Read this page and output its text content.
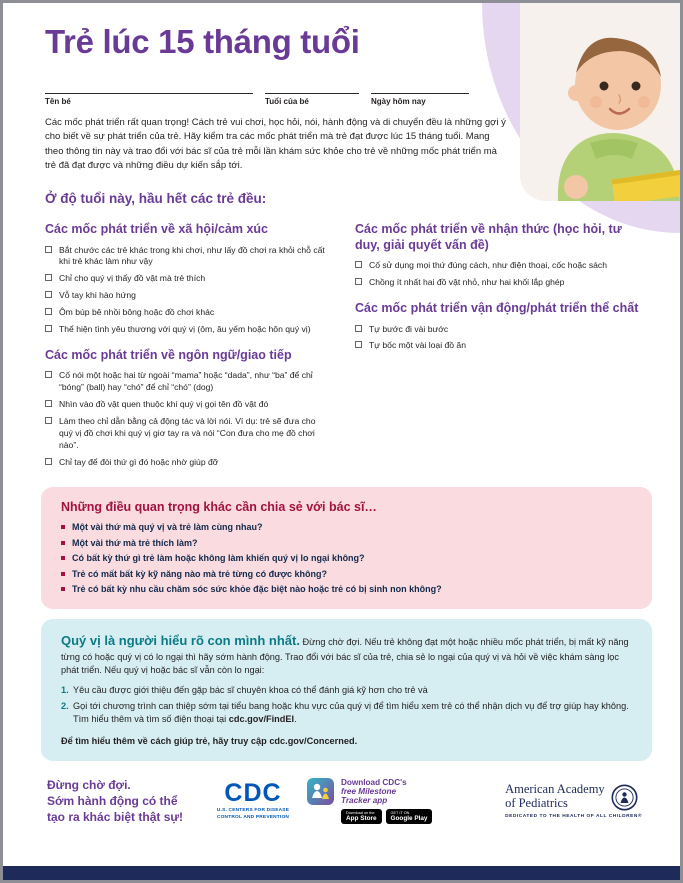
Trẻ lúc 15 tháng tuổi
Tên bé	Tuổi của bé	Ngày hôm nay

Các mốc phát triển rất quan trọng! Cách trẻ vui chơi, học hỏi, nói, hành động và di chuyển đều là những gợi ý cho biết về sự phát triển của trẻ. Hãy kiểm tra các mốc phát triển mà trẻ đạt được lúc 15 tháng tuổi. Mang theo thông tin này và trao đổi với bác sĩ của trẻ mỗi lần khám sức khỏe cho trẻ về những mốc phát triển mà trẻ đã đạt được và những điều dự kiến sắp tới.

Ở độ tuổi này, hầu hết các trẻ đều:
Các mốc phát triển về xã hội/cảm xúc
Bắt chước các trẻ khác trong khi chơi, như lấy đồ chơi ra khỏi chỗ cất khi trẻ khác làm như vậy
Chỉ cho quý vị thấy đồ vật mà trẻ thích
Vỗ tay khi hào hứng
Ôm búp bê nhồi bông hoặc đồ chơi khác
Thể hiện tình yêu thương với quý vị (ôm, âu yếm hoặc hôn quý vị)
Các mốc phát triển về ngôn ngữ/giao tiếp
Cố nói một hoặc hai từ ngoài “mama” hoặc “dada”, như “ba” để chỉ “bóng” (ball) hay “chó” để chỉ “chó” (dog)
Nhìn vào đồ vật quen thuộc khi quý vị gọi tên đồ vật đó
Làm theo chỉ dẫn bằng cả động tác và lời nói. Ví dụ: trẻ sẽ đưa cho quý vị đồ chơi khi quý vị giơ tay ra và nói “Con đưa cho mẹ đồ chơi nào”.
Chỉ tay để đòi thứ gì đó hoặc nhờ giúp đỡ
Các mốc phát triển về nhận thức (học hỏi, tư duy, giải quyết vấn đề)
Cố sử dụng mọi thứ đúng cách, như điện thoại, cốc hoặc sách
Chồng ít nhất hai đồ vật nhỏ, như hai khối lắp ghép
Các mốc phát triển vận động/phát triển thể chất
Tự bước đi vài bước
Tự bốc một vài loại đồ ăn
Những điều quan trọng khác cần chia sẻ với bác sĩ…
Một vài thứ mà quý vị và trẻ làm cùng nhau?
Một vài thứ mà trẻ thích làm?
Có bất kỳ thứ gì trẻ làm hoặc không làm khiến quý vị lo ngại không?
Trẻ có mất bất kỳ kỹ năng nào mà trẻ từng có được không?
Trẻ có bất kỳ nhu cầu chăm sóc sức khỏe đặc biệt nào hoặc trẻ có bị sinh non không?

Quý vị là người hiểu rõ con mình nhất. Đừng chờ đợi. Nếu trẻ không đạt một hoặc nhiều mốc phát triển, bị mất kỹ năng từng có hoặc quý vị có lo ngại thì hãy sớm hành động. Trao đổi với bác sĩ của trẻ, chia sẻ lo ngại của quý vị và hỏi về việc khám sàng lọc phát triển. Nếu quý vị hoặc bác sĩ vẫn còn lo ngại:

1. Yêu cầu được giới thiệu đến gặp bác sĩ chuyên khoa có thể đánh giá kỹ hơn cho trẻ và
2. Gọi tới chương trình can thiệp sớm tại tiểu bang hoặc khu vực của quý vị để tìm hiểu xem trẻ có thể nhận dịch vụ để trợ giúp hay không. Tìm hiểu thêm và tìm số điện thoại tại cdc.gov/FindEI.

Để tìm hiểu thêm về cách giúp trẻ, hãy truy cập cdc.gov/Concerned.

Đừng chờ đợi.
Sớm hành động có thể
tạo ra khác biệt thật sự!
CDC
U.S. CENTERS FOR DISEASE
CONTROL AND PREVENTION
Download CDC's
free Milestone
Tracker app
Download on the
App Store
GET IT ON
Google Play
American Academy
of Pediatrics
DEDICATED TO THE HEALTH OF ALL CHILDREN®
